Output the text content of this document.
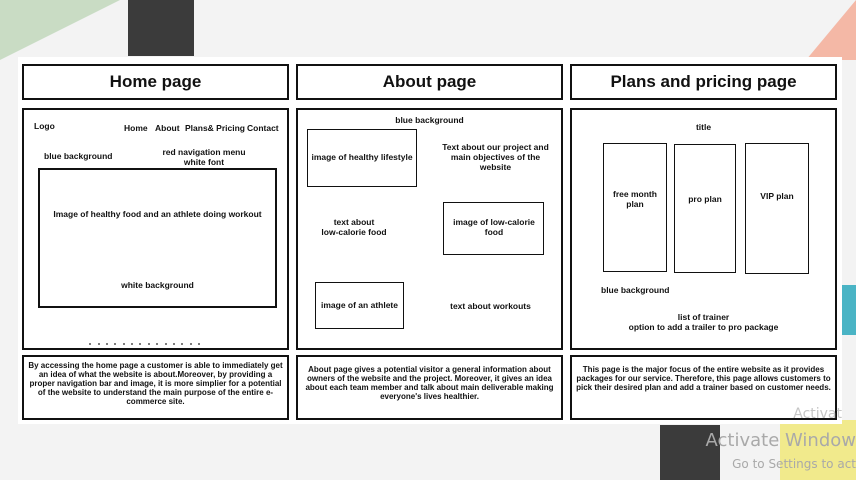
Home page	About page	Plans and pricing page
Logo	Home About Plans& Pricing Contact
blue background	red navigation menu
white font
Image of healthy food and an athlete doing workout
white background
blue background
image of healthy lifestyle
Text about our project and main objectives of the website
text about
low-calorie food
image of low-calorie food
image of an athlete	text about workouts
title
free month plan	pro plan	VIP plan
blue background
list of trainer
option to add a trailer to pro package
By accessing the home page a customer is able to immediately get an idea of what the website is about.Moreover, by providing a proper navigation bar and image, it is more simplier for a potential of the website to understand the main purpose of the entire e-commerce site.
About page gives a potential visitor a general information about owners of the website and the project. Moreover, it gives an idea about each team member and talk about main deliverable making everyone's lives healthier.
This page is the major focus of the entire website as it provides packages for our service. Therefore, this page allows customers to pick their desired plan and add a trainer based on customer needs.
Activat
Activate Window
Go to Settings to act
